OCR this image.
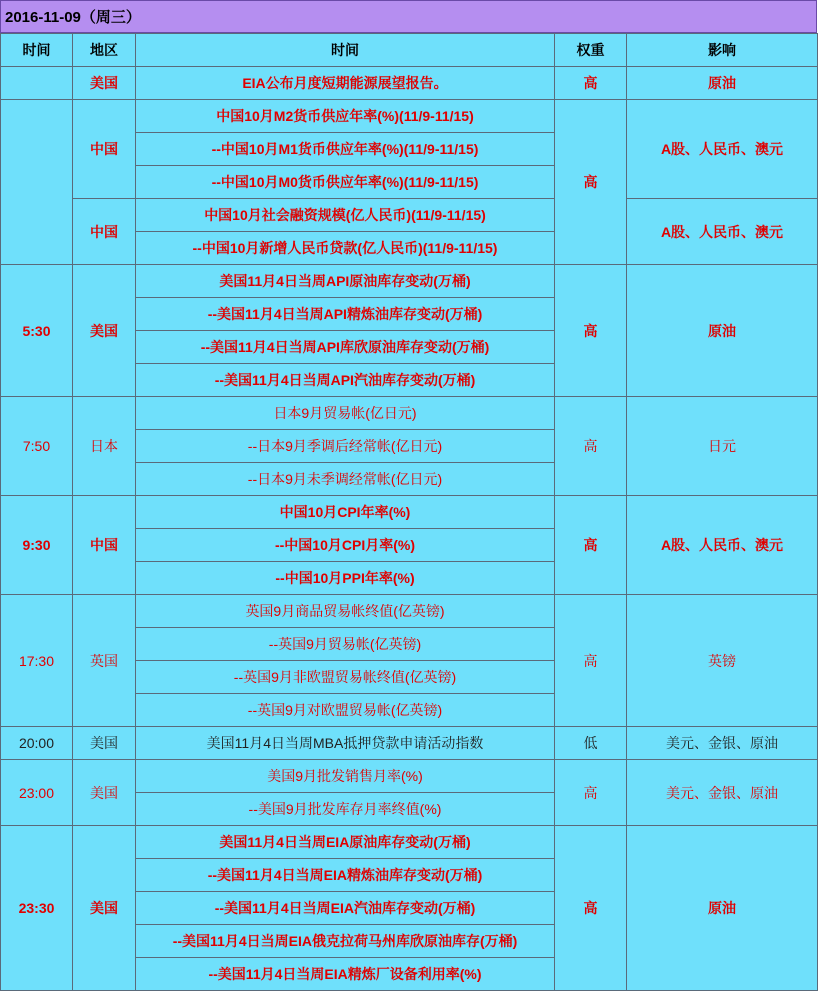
2016-11-09（周三）
时间	地区	时间	权重	影响
	美国	EIA公布月度短期能源展望报告。	高	原油
	中国	中国10月M2货币供应年率(%)(11/9-11/15)	高	A股、人民币、澳元
		--中国10月M1货币供应年率(%)(11/9-11/15)		
		--中国10月M0货币供应年率(%)(11/9-11/15)		
	中国	中国10月社会融资规模(亿人民币)(11/9-11/15)		A股、人民币、澳元
		--中国10月新增人民币贷款(亿人民币)(11/9-11/15)		
5:30	美国	美国11月4日当周API原油库存变动(万桶)	高	原油
		--美国11月4日当周API精炼油库存变动(万桶)		
		--美国11月4日当周API库欣原油库存变动(万桶)		
		--美国11月4日当周API汽油库存变动(万桶)		
7:50	日本	日本9月贸易帐(亿日元)	高	日元
		--日本9月季调后经常帐(亿日元)		
		--日本9月未季调经常帐(亿日元)		
9:30	中国	中国10月CPI年率(%)	高	A股、人民币、澳元
		--中国10月CPI月率(%)		
		--中国10月PPI年率(%)		
17:30	英国	英国9月商品贸易帐终值(亿英镑)	高	英镑
		--英国9月贸易帐(亿英镑)		
		--英国9月非欧盟贸易帐终值(亿英镑)		
		--英国9月对欧盟贸易帐(亿英镑)		
20:00	美国	美国11月4日当周MBA抵押贷款申请活动指数	低	美元、金银、原油
23:00	美国	美国9月批发销售月率(%)	高	美元、金银、原油
		--美国9月批发库存月率终值(%)		
23:30	美国	美国11月4日当周EIA原油库存变动(万桶)	高	原油
		--美国11月4日当周EIA精炼油库存变动(万桶)		
		--美国11月4日当周EIA汽油库存变动(万桶)		
		--美国11月4日当周EIA俄克拉荷马州库欣原油库存(万桶)		
		--美国11月4日当周EIA精炼厂设备利用率(%)		
